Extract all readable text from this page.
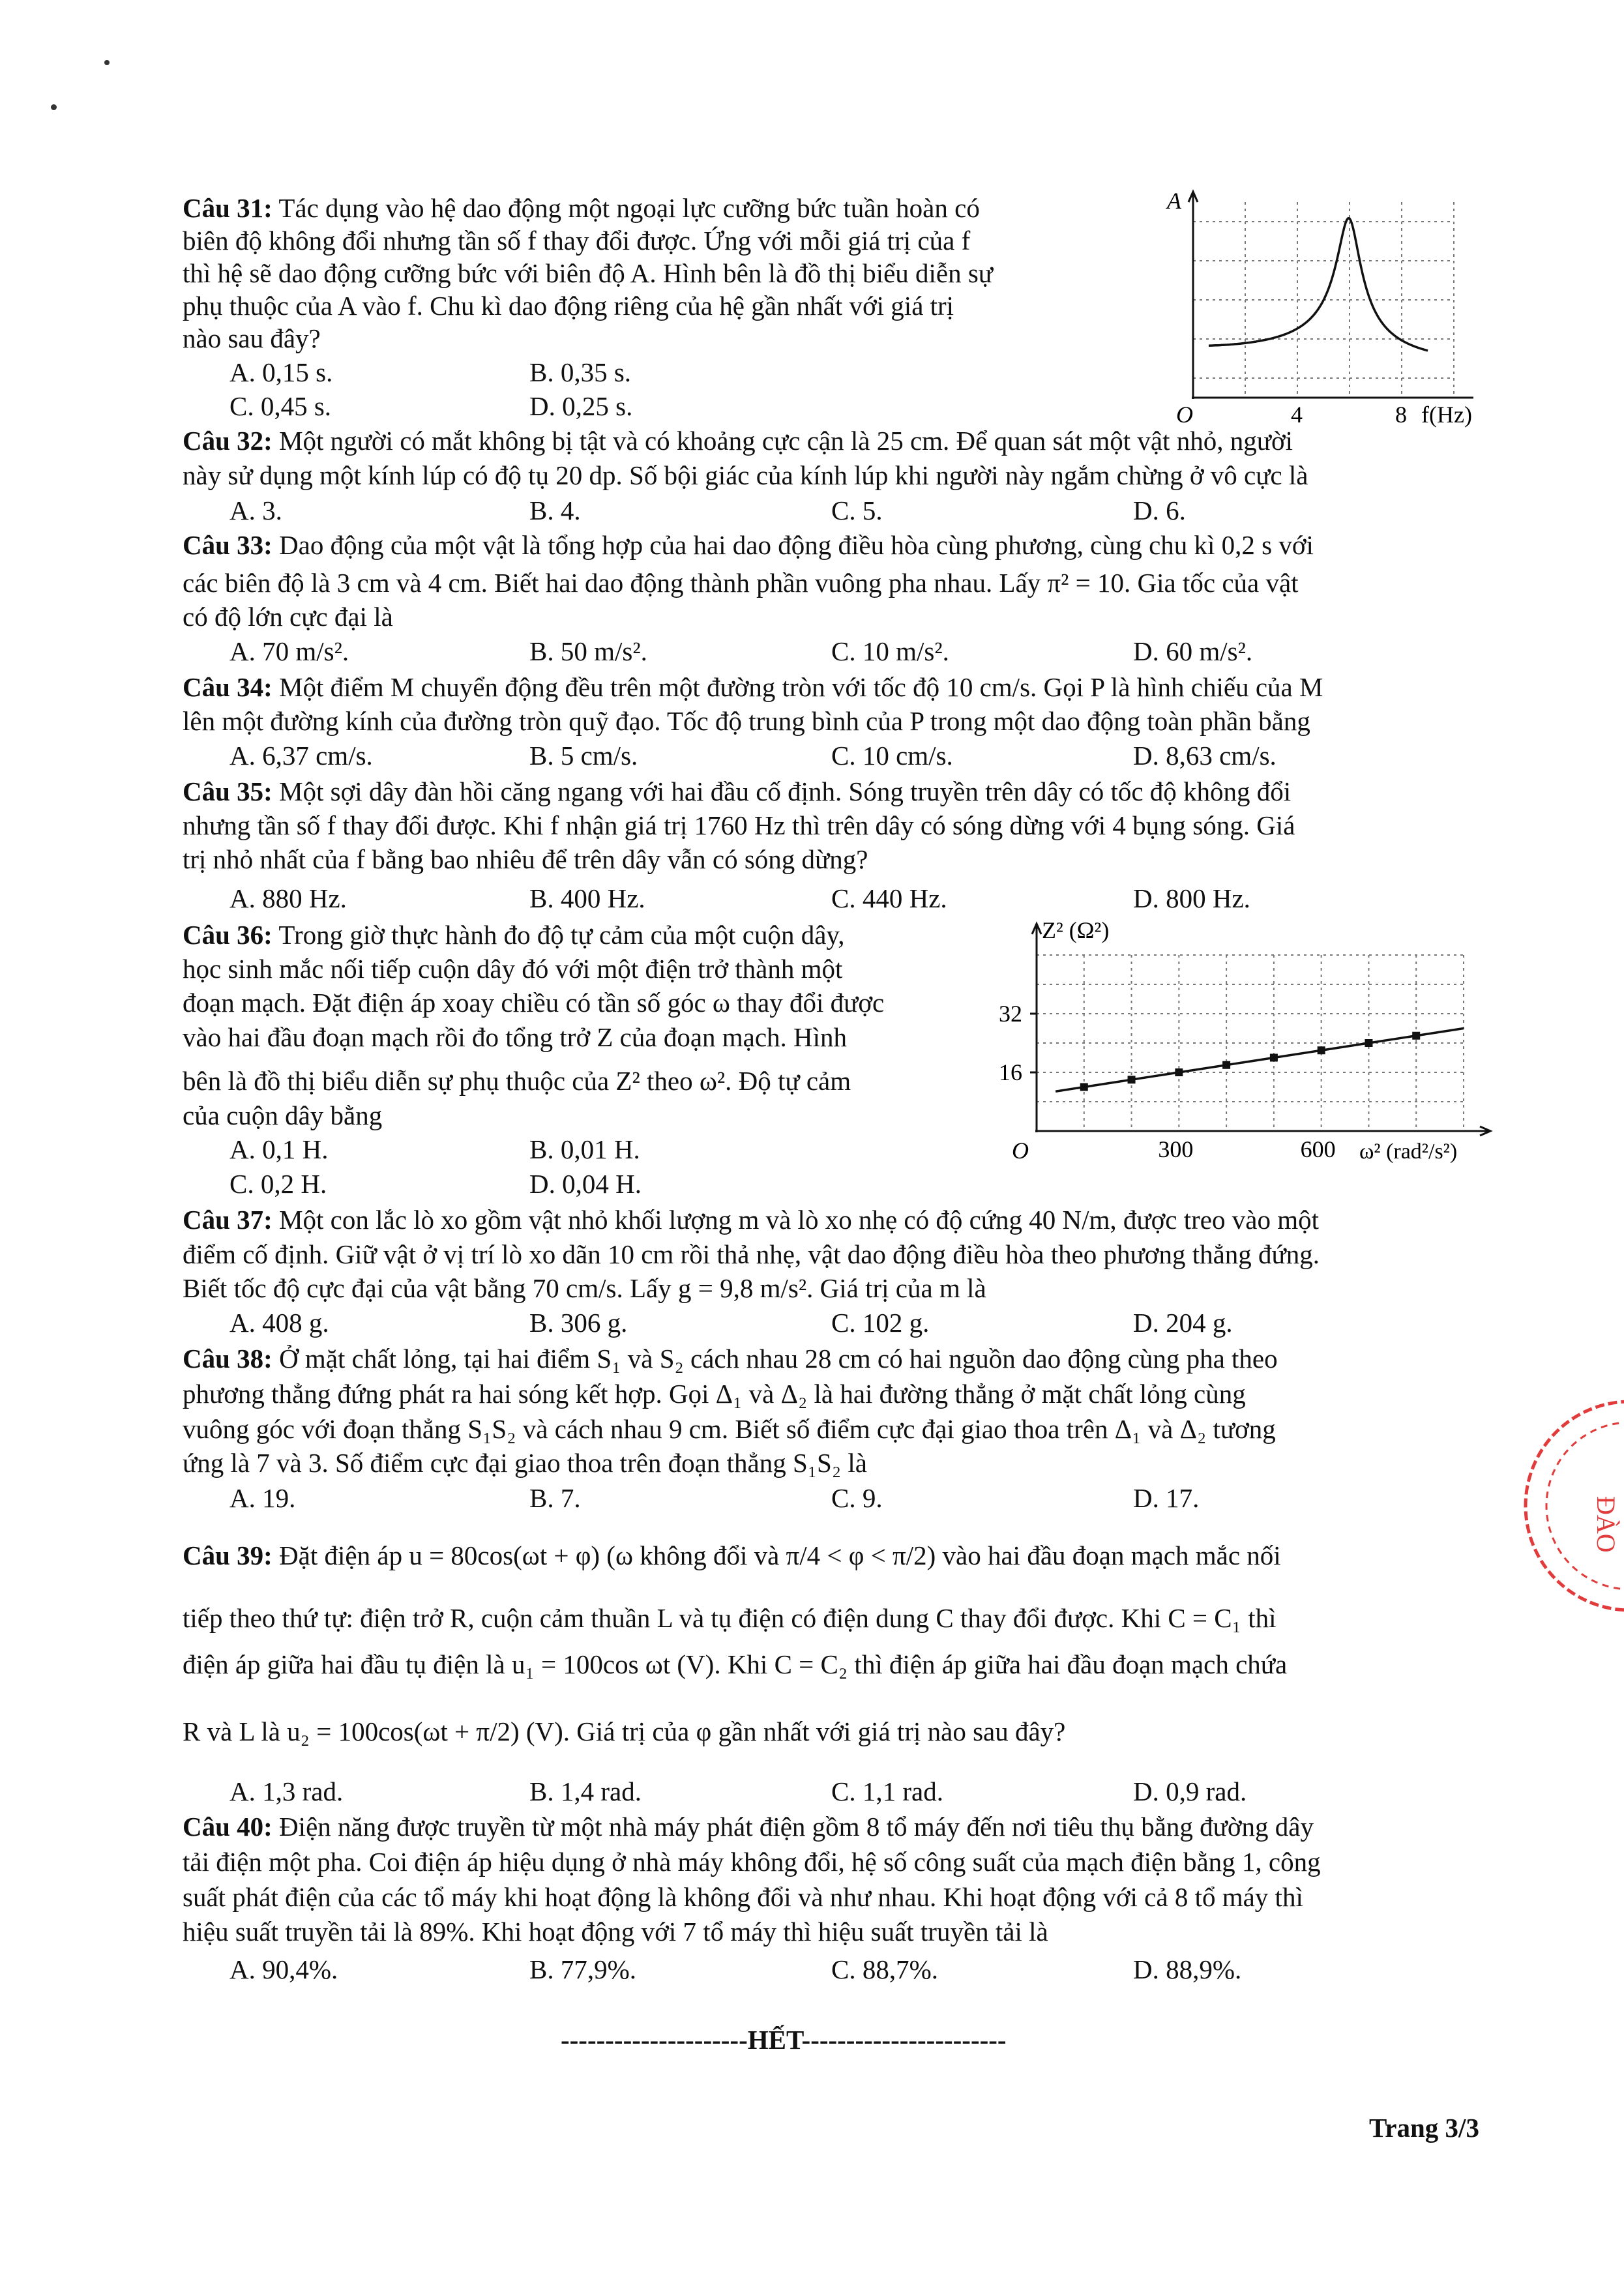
Câu 31: Tác dụng vào hệ dao động một ngoại lực cưỡng bức tuần hoàn có
biên độ không đổi nhưng tần số f thay đổi được. Ứng với mỗi giá trị của f
thì hệ sẽ dao động cưỡng bức với biên độ A. Hình bên là đồ thị biểu diễn sự
phụ thuộc của A vào f. Chu kì dao động riêng của hệ gần nhất với giá trị
nào sau đây?
A. 0,15 s.	B. 0,35 s.
C. 0,45 s.	D. 0,25 s.
A
O	4	8 f(Hz)
Câu 32: Một người có mắt không bị tật và có khoảng cực cận là 25 cm. Để quan sát một vật nhỏ, người
này sử dụng một kính lúp có độ tụ 20 dp. Số bội giác của kính lúp khi người này ngắm chừng ở vô cực là
A. 3.	B. 4.	C. 5.	D. 6.
Câu 33: Dao động của một vật là tổng hợp của hai dao động điều hòa cùng phương, cùng chu kì 0,2 s với
các biên độ là 3 cm và 4 cm. Biết hai dao động thành phần vuông pha nhau. Lấy π² = 10. Gia tốc của vật
có độ lớn cực đại là
A. 70 m/s².	B. 50 m/s².	C. 10 m/s².	D. 60 m/s².
Câu 34: Một điểm M chuyển động đều trên một đường tròn với tốc độ 10 cm/s. Gọi P là hình chiếu của M
lên một đường kính của đường tròn quỹ đạo. Tốc độ trung bình của P trong một dao động toàn phần bằng
A. 6,37 cm/s.	B. 5 cm/s.	C. 10 cm/s.	D. 8,63 cm/s.
Câu 35: Một sợi dây đàn hồi căng ngang với hai đầu cố định. Sóng truyền trên dây có tốc độ không đổi
nhưng tần số f thay đổi được. Khi f nhận giá trị 1760 Hz thì trên dây có sóng dừng với 4 bụng sóng. Giá
trị nhỏ nhất của f bằng bao nhiêu để trên dây vẫn có sóng dừng?
A. 880 Hz.	B. 400 Hz.	C. 440 Hz.	D. 800 Hz.
Câu 36: Trong giờ thực hành đo độ tự cảm của một cuộn dây,
học sinh mắc nối tiếp cuộn dây đó với một điện trở thành một
đoạn mạch. Đặt điện áp xoay chiều có tần số góc ω thay đổi được
vào hai đầu đoạn mạch rồi đo tổng trở Z của đoạn mạch. Hình
bên là đồ thị biểu diễn sự phụ thuộc của Z² theo ω². Độ tự cảm
của cuộn dây bằng
A. 0,1 H.	B. 0,01 H.
C. 0,2 H.	D. 0,04 H.
300	600
16
32
O
Z² (Ω²)
ω² (rad²/s²)
Câu 37: Một con lắc lò xo gồm vật nhỏ khối lượng m và lò xo nhẹ có độ cứng 40 N/m, được treo vào một
điểm cố định. Giữ vật ở vị trí lò xo dãn 10 cm rồi thả nhẹ, vật dao động điều hòa theo phương thẳng đứng.
Biết tốc độ cực đại của vật bằng 70 cm/s. Lấy g = 9,8 m/s². Giá trị của m là
A. 408 g.	B. 306 g.	C. 102 g.	D. 204 g.
Câu 38: Ở mặt chất lỏng, tại hai điểm S₁ và S₂ cách nhau 28 cm có hai nguồn dao động cùng pha theo
phương thẳng đứng phát ra hai sóng kết hợp. Gọi Δ₁ và Δ₂ là hai đường thẳng ở mặt chất lỏng cùng
vuông góc với đoạn thẳng S₁S₂ và cách nhau 9 cm. Biết số điểm cực đại giao thoa trên Δ₁ và Δ₂ tương
ứng là 7 và 3. Số điểm cực đại giao thoa trên đoạn thẳng S₁S₂ là
A. 19.	B. 7.	C. 9.	D. 17.
Câu 39: Đặt điện áp u = 80cos(ωt + φ) (ω không đổi và π/4 < φ < π/2) vào hai đầu đoạn mạch mắc nối
tiếp theo thứ tự: điện trở R, cuộn cảm thuần L và tụ điện có điện dung C thay đổi được. Khi C = C₁ thì
điện áp giữa hai đầu tụ điện là u₁ = 100cos ωt (V). Khi C = C₂ thì điện áp giữa hai đầu đoạn mạch chứa
R và L là u₂ = 100cos(ωt + π/2) (V). Giá trị của φ gần nhất với giá trị nào sau đây?
A. 1,3 rad.	B. 1,4 rad.	C. 1,1 rad.	D. 0,9 rad.
Câu 40: Điện năng được truyền từ một nhà máy phát điện gồm 8 tổ máy đến nơi tiêu thụ bằng đường dây
tải điện một pha. Coi điện áp hiệu dụng ở nhà máy không đổi, hệ số công suất của mạch điện bằng 1, công
suất phát điện của các tổ máy khi hoạt động là không đổi và như nhau. Khi hoạt động với cả 8 tổ máy thì
hiệu suất truyền tải là 89%. Khi hoạt động với 7 tổ máy thì hiệu suất truyền tải là
A. 90,4%.	B. 77,9%.	C. 88,7%.	D. 88,9%.
---------------------HẾT-----------------------
Trang 3/3
ĐÀO
